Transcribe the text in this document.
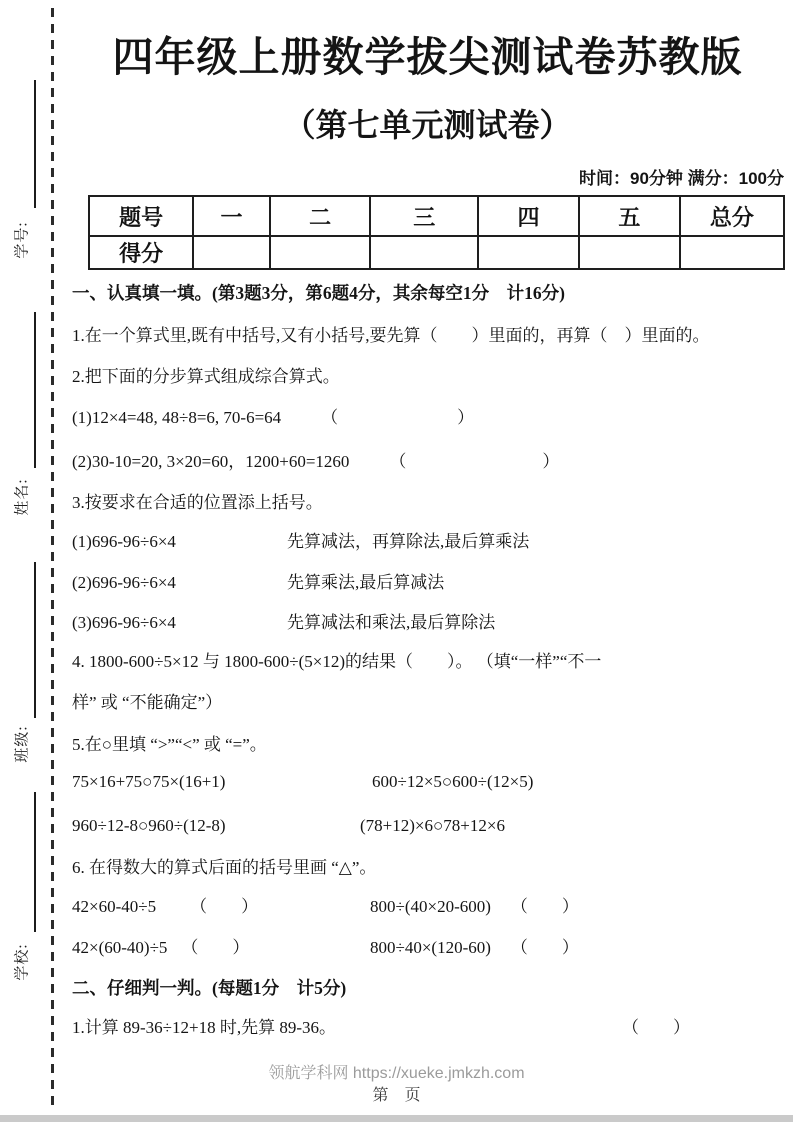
学号:
姓名:
班级:
学校:
四年级上册数学拔尖测试卷苏教版
（第七单元测试卷）
时间：90分钟 满分：100分
题号	一	二	三	四	五	总分
得分						
一、认真填一填。(第3题3分，第6题4分，其余每空1分　计16分)
1.在一个算式里,既有中括号,又有小括号,要先算（　　）里面的，再算（　）里面的。
2.把下面的分步算式组成综合算式。
(1)12×4=48, 48÷8=6, 70-6=64 （　　　　　　　）
(2)30-10=20, 3×20=60，1200+60=1260 （　　　　　　　　）
3.按要求在合适的位置添上括号。
(1)696-96÷6×4	先算减法，再算除法,最后算乘法
(2)696-96÷6×4	先算乘法,最后算减法
(3)696-96÷6×4	先算减法和乘法,最后算除法
4. 1800-600÷5×12 与 1800-600÷(5×12)的结果（　　）。 （填“一样”“不一
样” 或 “不能确定”）
5.在○里填 “>”“<” 或 “=”。
75×16+75○75×(16+1)	600÷12×5○600÷(12×5)
960÷12-8○960÷(12-8)	(78+12)×6○78+12×6
6. 在得数大的算式后面的括号里画 “△”。
42×60-40÷5 （　　）	800÷(40×20-600) （　　）
42×(60-40)÷5 （　　）	800÷40×(120-60) （　　）
二、仔细判一判。(每题1分　计5分)
1.计算 89-36÷12+18 时,先算 89-36。	（　　）
领航学科网 https://xueke.jmkzh.com
第　页
